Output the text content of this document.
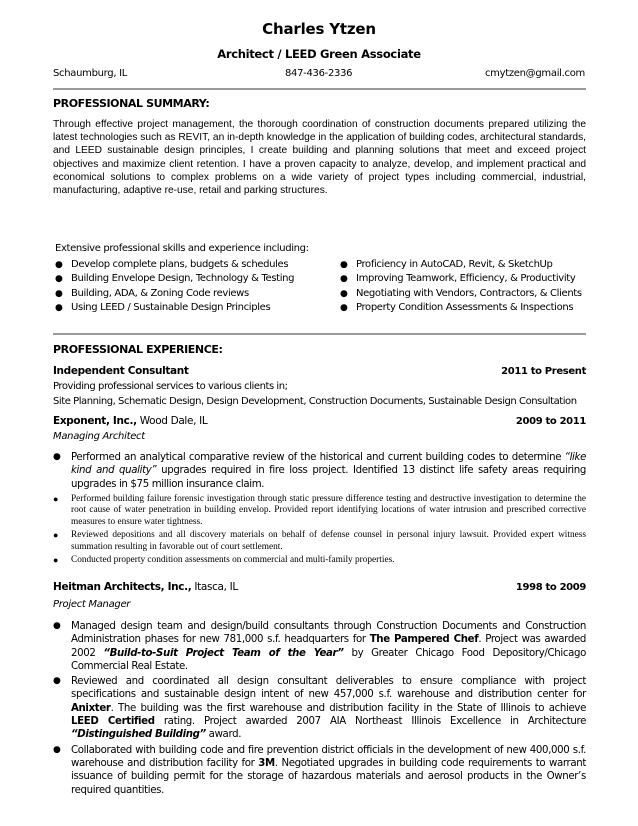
Charles Ytzen
Architect / LEED Green Associate
Schaumburg, IL	847-436-2336	cmytzen@gmail.com
PROFESSIONAL SUMMARY:
Through effective project management, the thorough coordination of construction documents prepared utilizing the latest technologies such as REVIT, an in-depth knowledge in the application of building codes, architectural standards, and LEED sustainable design principles, I create building and planning solutions that meet and exceed project objectives and maximize client retention. I have a proven capacity to analyze, develop, and implement practical and economical solutions to complex problems on a wide variety of project types including commercial, industrial, manufacturing, adaptive re-use, retail and parking structures.
Extensive professional skills and experience including:
● Develop complete plans, budgets & schedules
● Building Envelope Design, Technology & Testing
● Building, ADA, & Zoning Code reviews
● Using LEED / Sustainable Design Principles
● Proficiency in AutoCAD, Revit, & SketchUp
● Improving Teamwork, Efficiency, & Productivity
● Negotiating with Vendors, Contractors, & Clients
● Property Condition Assessments & Inspections
PROFESSIONAL EXPERIENCE:
Independent Consultant	2011 to Present
Providing professional services to various clients in;
Site Planning, Schematic Design, Design Development, Construction Documents, Sustainable Design Consultation
Exponent, Inc., Wood Dale, IL	2009 to 2011
Managing Architect
● Performed an analytical comparative review of the historical and current building codes to determine “like kind and quality” upgrades required in fire loss project. Identified 13 distinct life safety areas requiring upgrades in $75 million insurance claim.
● Performed building failure forensic investigation through static pressure difference testing and destructive investigation to determine the root cause of water penetration in building envelop. Provided report identifying locations of water intrusion and prescribed corrective measures to ensure water tightness.
● Reviewed depositions and all discovery materials on behalf of defense counsel in personal injury lawsuit. Provided expert witness summation resulting in favorable out of court settlement.
● Conducted property condition assessments on commercial and multi-family properties.
Heitman Architects, Inc., Itasca, IL	1998 to 2009
Project Manager
● Managed design team and design/build consultants through Construction Documents and Construction Administration phases for new 781,000 s.f. headquarters for The Pampered Chef. Project was awarded 2002 “Build-to-Suit Project Team of the Year” by Greater Chicago Food Depository/Chicago Commercial Real Estate.
● Reviewed and coordinated all design consultant deliverables to ensure compliance with project specifications and sustainable design intent of new 457,000 s.f. warehouse and distribution center for Anixter. The building was the first warehouse and distribution facility in the State of Illinois to achieve LEED Certified rating. Project awarded 2007 AIA Northeast Illinois Excellence in Architecture “Distinguished Building” award.
● Collaborated with building code and fire prevention district officials in the development of new 400,000 s.f. warehouse and distribution facility for 3M. Negotiated upgrades in building code requirements to warrant issuance of building permit for the storage of hazardous materials and aerosol products in the Owner’s required quantities.
